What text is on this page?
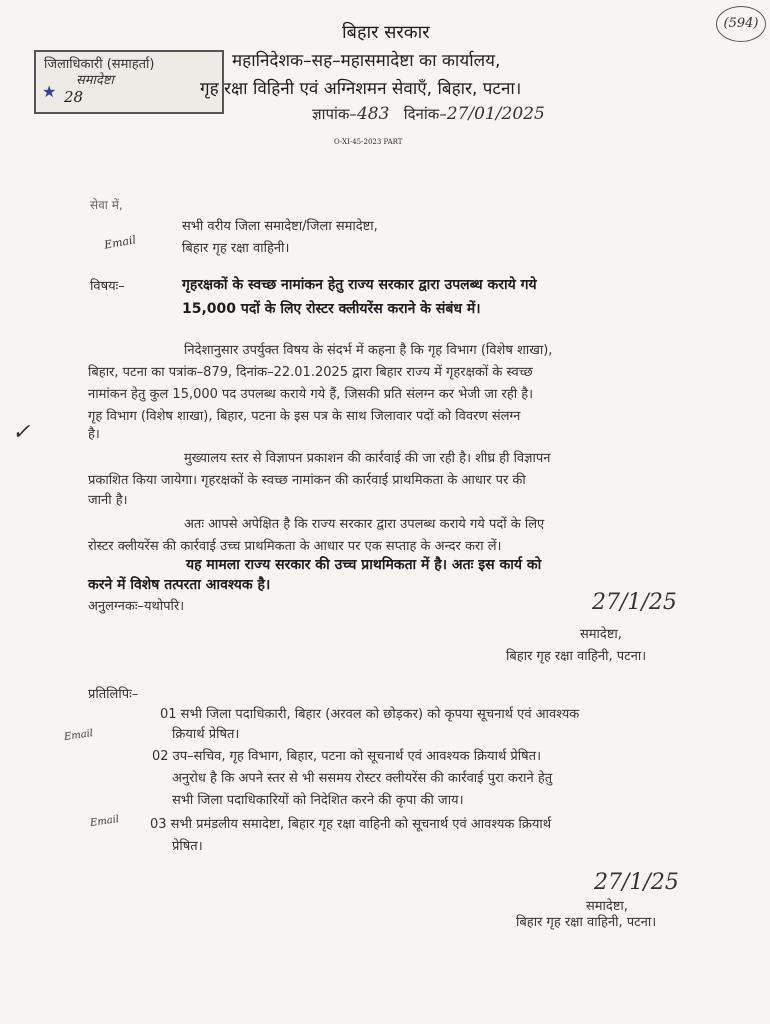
(594)
जिलाधिकारी (समाहर्ता)
समादेष्टा
★ 28
बिहार सरकार
महानिदेशक–सह–महासमादेष्टा का कार्यालय,
गृह रक्षा विहिनी एवं अग्निशमन सेवाएँ, बिहार, पटना।
ज्ञापांक–483 दिनांक–27/01/2025
O-XI-45-2023 PART
सेवा में,
सभी वरीय जिला समादेष्टा/जिला समादेष्टा,
बिहार गृह रक्षा वाहिनी।
Email
विषयः–	गृहरक्षकों के स्वच्छ नामांकन हेतु राज्य सरकार द्वारा उपलब्ध कराये गये
15,000 पदों के लिए रोस्टर क्लीयरेंस कराने के संबंध में।
निदेशानुसार उपर्युक्त विषय के संदर्भ में कहना है कि गृह विभाग (विशेष शाखा),
बिहार, पटना का पत्रांक–879, दिनांक–22.01.2025 द्वारा बिहार राज्य में गृहरक्षकों के स्वच्छ
नामांकन हेतु कुल 15,000 पद उपलब्ध कराये गये हैं, जिसकी प्रति संलग्न कर भेजी जा रही है।
गृह विभाग (विशेष शाखा), बिहार, पटना के इस पत्र के साथ जिलावार पदों को विवरण संलग्न
है।
✓
मुख्यालय स्तर से विज्ञापन प्रकाशन की कार्रवाई की जा रही है। शीघ्र ही विज्ञापन
प्रकाशित किया जायेगा। गृहरक्षकों के स्वच्छ नामांकन की कार्रवाई प्राथमिकता के आधार पर की
जानी है।
अतः आपसे अपेक्षित है कि राज्य सरकार द्वारा उपलब्ध कराये गये पदों के लिए
रोस्टर क्लीयरेंस की कार्रवाई उच्च प्राथमिकता के आधार पर एक सप्ताह के अन्दर करा लें।
यह मामला राज्य सरकार की उच्च प्राथमिकता में है। अतः इस कार्य को
करने में विशेष तत्परता आवश्यक है।
अनुलग्नकः–यथोपरि।	27/1/25
समादेष्टा,
बिहार गृह रक्षा वाहिनी, पटना।
प्रतिलिपिः–
01 सभी जिला पदाधिकारी, बिहार (अरवल को छोड़कर) को कृपया सूचनार्थ एवं आवश्यक
क्रियार्थ प्रेषित।
Email
02 उप–सचिव, गृह विभाग, बिहार, पटना को सूचनार्थ एवं आवश्यक क्रियार्थ प्रेषित।
अनुरोध है कि अपने स्तर से भी ससमय रोस्टर क्लीयरेंस की कार्रवाई पुरा कराने हेतु
सभी जिला पदाधिकारियों को निदेशित करने की कृपा की जाय।
Email 03 सभी प्रमंडलीय समादेष्टा, बिहार गृह रक्षा वाहिनी को सूचनार्थ एवं आवश्यक क्रियार्थ
प्रेषित।
27/1/25
समादेष्टा,
बिहार गृह रक्षा वाहिनी, पटना।
